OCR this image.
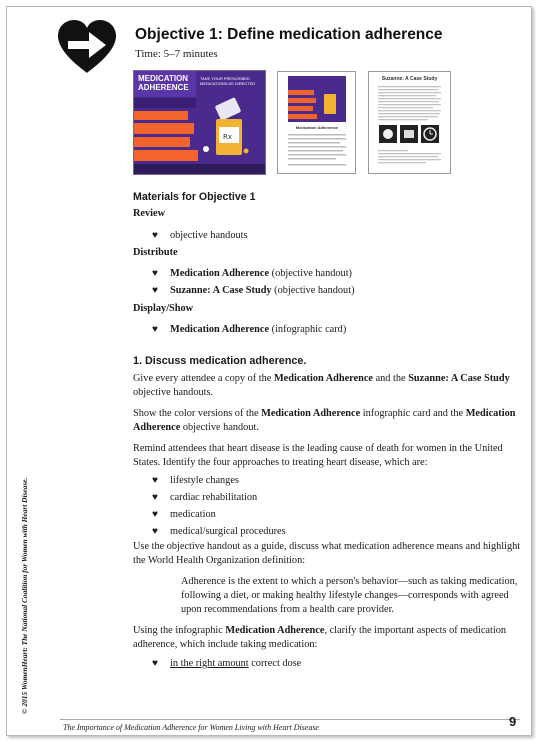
Objective 1: Define medication adherence
Time: 5–7 minutes
Rx
MEDICATION
ADHERENCE
TAKE YOUR PRESCRIBED MEDICATIONS AS DIRECTED
Medication Adherence
Suzanne: A Case Study
Materials for Objective 1
Review
♥	objective handouts
Distribute
♥	Medication Adherence (objective handout)
♥	Suzanne: A Case Study (objective handout)
Display/Show
♥	Medication Adherence (infographic card)
1. Discuss medication adherence.

Give every attendee a copy of the Medication Adherence and the Suzanne: A Case Study objective handouts.

Show the color versions of the Medication Adherence infographic card and the Medication Adherence objective handout.

Remind attendees that heart disease is the leading cause of death for women in the United States. Identify the four approaches to treating heart disease, which are:

♥	lifestyle changes
♥	cardiac rehabilitation
♥	medication
♥	medical/surgical procedures

Use the objective handout as a guide, discuss what medication adherence means and highlight the World Health Organization definition:

Adherence is the extent to which a person's behavior—such as taking medication, following a diet, or making healthy lifestyle changes—corresponds with agreed upon recommendations from a health care provider.

Using the infographic Medication Adherence, clarify the important aspects of medication adherence, which include taking medication:

♥	in the right amount correct dose
© 2015 WomenHeart: The National Coalition for Women with Heart Disease.
The Importance of Medication Adherence for Women Living with Heart Disease	9
